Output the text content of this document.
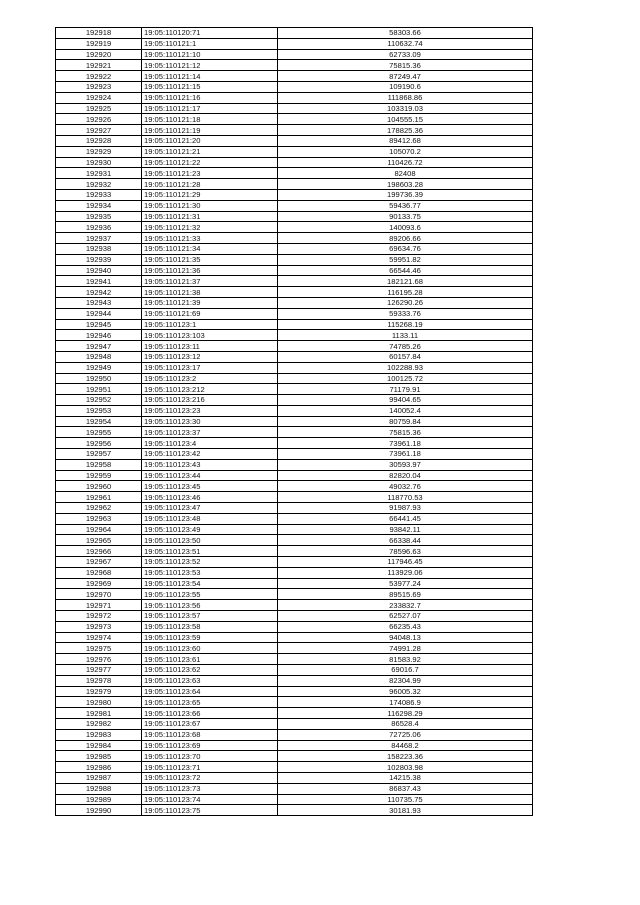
192918	19:05:110120:71	58303.66
192919	19:05:110121:1	110632.74
192920	19:05:110121:10	62733.09
192921	19:05:110121:12	75815.36
192922	19:05:110121:14	87249.47
192923	19:05:110121:15	109190.6
192924	19:05:110121:16	111868.86
192925	19:05:110121:17	103319.03
192926	19:05:110121:18	104555.15
192927	19:05:110121:19	178825.36
192928	19:05:110121:20	89412.68
192929	19:05:110121:21	105070.2
192930	19:05:110121:22	110426.72
192931	19:05:110121:23	82408
192932	19:05:110121:28	198603.28
192933	19:05:110121:29	199736.39
192934	19:05:110121:30	59436.77
192935	19:05:110121:31	90133.75
192936	19:05:110121:32	140093.6
192937	19:05:110121:33	89206.66
192938	19:05:110121:34	69634.76
192939	19:05:110121:35	59951.82
192940	19:05:110121:36	66544.46
192941	19:05:110121:37	182121.68
192942	19:05:110121:38	116195.28
192943	19:05:110121:39	126290.26
192944	19:05:110121:69	59333.76
192945	19:05:110123:1	115268.19
192946	19:05:110123:103	1133.11
192947	19:05:110123:11	74785.26
192948	19:05:110123:12	60157.84
192949	19:05:110123:17	102288.93
192950	19:05:110123:2	100125.72
192951	19:05:110123:212	71179.91
192952	19:05:110123:216	99404.65
192953	19:05:110123:23	140052.4
192954	19:05:110123:30	80759.84
192955	19:05:110123:37	75815.36
192956	19:05:110123:4	73961.18
192957	19:05:110123:42	73961.18
192958	19:05:110123:43	30593.97
192959	19:05:110123:44	82820.04
192960	19:05:110123:45	49032.76
192961	19:05:110123:46	118770.53
192962	19:05:110123:47	91987.93
192963	19:05:110123:48	66441.45
192964	19:05:110123:49	93842.11
192965	19:05:110123:50	66338.44
192966	19:05:110123:51	78596.63
192967	19:05:110123:52	117946.45
192968	19:05:110123:53	113929.06
192969	19:05:110123:54	53977.24
192970	19:05:110123:55	89515.69
192971	19:05:110123:56	233832.7
192972	19:05:110123:57	62527.07
192973	19:05:110123:58	66235.43
192974	19:05:110123:59	94048.13
192975	19:05:110123:60	74991.28
192976	19:05:110123:61	81583.92
192977	19:05:110123:62	69016.7
192978	19:05:110123:63	82304.99
192979	19:05:110123:64	96005.32
192980	19:05:110123:65	174086.9
192981	19:05:110123:66	116298.29
192982	19:05:110123:67	86528.4
192983	19:05:110123:68	72725.06
192984	19:05:110123:69	84468.2
192985	19:05:110123:70	158223.36
192986	19:05:110123:71	102803.98
192987	19:05:110123:72	14215.38
192988	19:05:110123:73	86837.43
192989	19:05:110123:74	110735.75
192990	19:05:110123:75	30181.93
